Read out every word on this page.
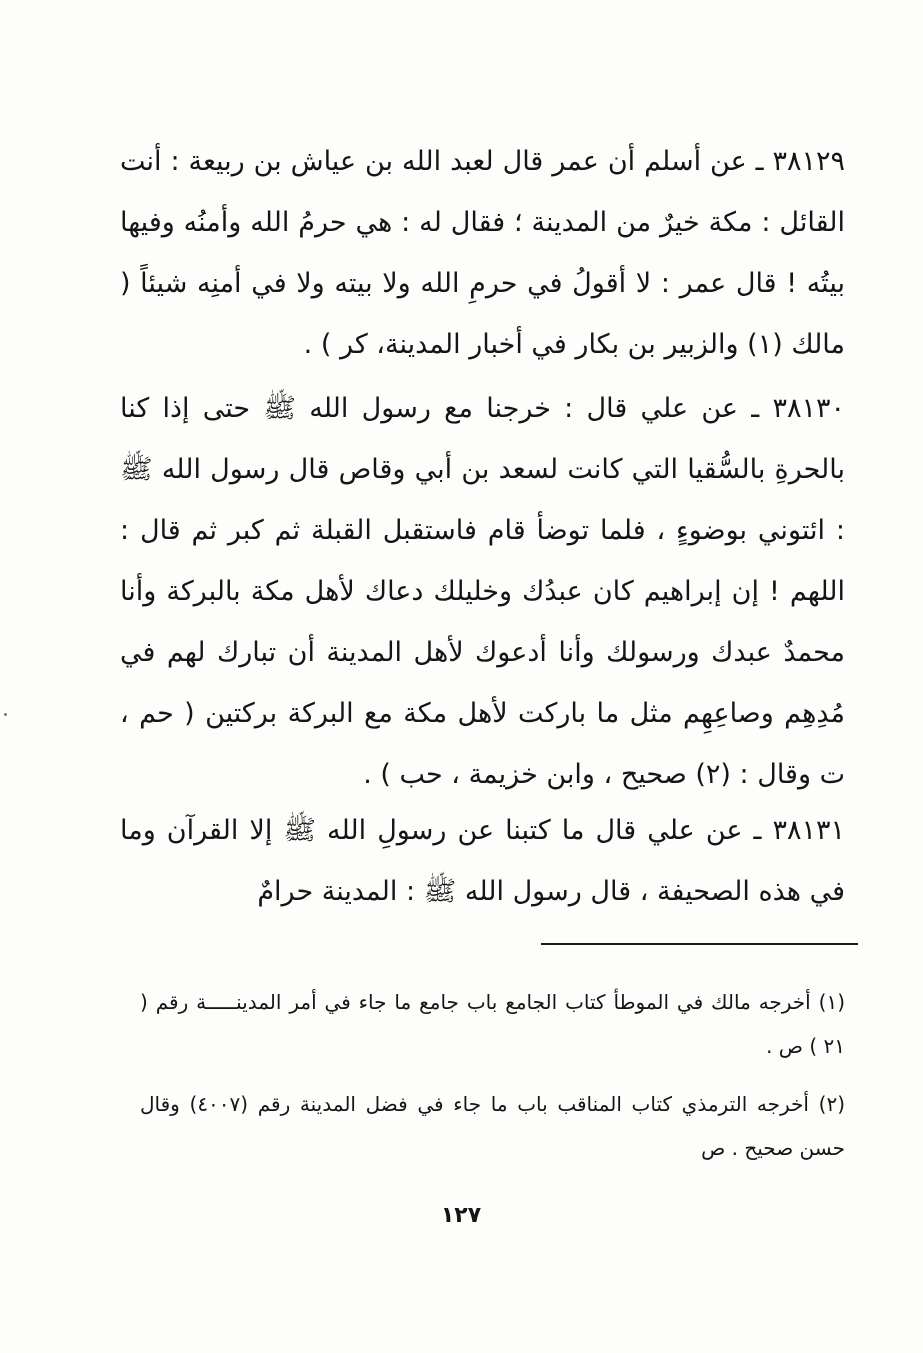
٣٨١٢٩ ـ عن أسلم أن عمر قال لعبد الله بن عياش بن ربيعة : أنت القائل : مكة خيرٌ من المدينة ؛ فقال له : هي حرمُ الله وأمنُه وفيها بيتُه ! قال عمر : لا أقولُ في حرمِ الله ولا بيته ولا في أمنِه شيئاً ( مالك (١) والزبير بن بكار في أخبار المدينة، كر ) .

٣٨١٣٠ ـ عن علي قال : خرجنا مع رسول الله ﷺ حتى إذا كنا بالحرةِ بالسُّقيا التي كانت لسعد بن أبي وقاص قال رسول الله ﷺ : ائتوني بوضوءٍ ، فلما توضأ قام فاستقبل القبلة ثم كبر ثم قال : اللهم ! إن إبراهيم كان عبدُك وخليلك دعاك لأهل مكة بالبركة وأنا محمدٌ عبدك ورسولك وأنا أدعوك لأهل المدينة أن تبارك لهم في مُدِهِم وصاعِهِم مثل ما باركت لأهل مكة مع البركة بركتين ( حم ، ت وقال : (٢) صحيح ، وابن خزيمة ، حب ) .

٣٨١٣١ ـ عن علي قال ما كتبنا عن رسولِ الله ﷺ إلا القرآن وما في هذه الصحيفة ، قال رسول الله ﷺ : المدينة حرامٌ

(١) أخرجه مالك في الموطأ كتاب الجامع باب جامع ما جاء في أمر المدينـــــة رقم ( ٢١ ) ص .

(٢) أخرجه الترمذي كتاب المناقب باب ما جاء في فضل المدينة رقم (٤٠٠٧) وقال حسن صحيح . ص

١٢٧
